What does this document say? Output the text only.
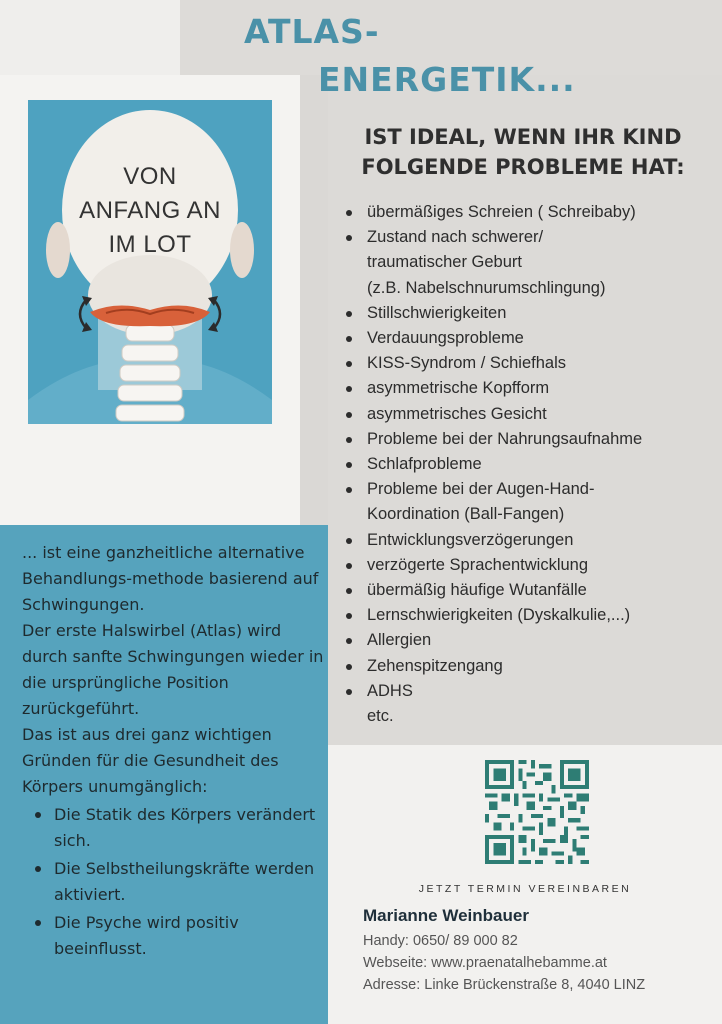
ATLAS-
ENERGETIK...
IST IDEAL, WENN IHR KIND FOLGENDE PROBLEME HAT:
VON
ANFANG AN
IM LOT
übermäßiges Schreien ( Schreibaby)
Zustand nach schwerer/
traumatischer Geburt
(z.B. Nabelschnurumschlingung)
Stillschwierigkeiten
Verdauungsprobleme
KISS-Syndrom / Schiefhals
asymmetrische Kopfform
asymmetrisches Gesicht
Probleme bei der Nahrungsaufnahme
Schlafprobleme
Probleme bei der Augen-Hand-
Koordination (Ball-Fangen)
Entwicklungsverzögerungen
verzögerte Sprachentwicklung
übermäßig häufige Wutanfälle
Lernschwierigkeiten (Dyskalkulie,...)
Allergien
Zehenspitzengang
ADHS
etc.

... ist eine ganzheitliche alternative Behandlungs-methode basierend auf Schwingungen.

Der erste Halswirbel (Atlas) wird durch sanfte Schwingungen wieder in die ursprüngliche Position zurückgeführt.

Das ist aus drei ganz wichtigen Gründen für die Gesundheit des Körpers unumgänglich:

Die Statik des Körpers verändert sich.
Die Selbstheilungskräfte werden aktiviert.
Die Psyche wird positiv beeinflusst.
JETZT TERMIN VEREINBAREN
Marianne Weinbauer
Handy: 0650/ 89 000 82
Webseite: www.praenatalhebamme.at
Adresse: Linke Brückenstraße 8, 4040 LINZ
